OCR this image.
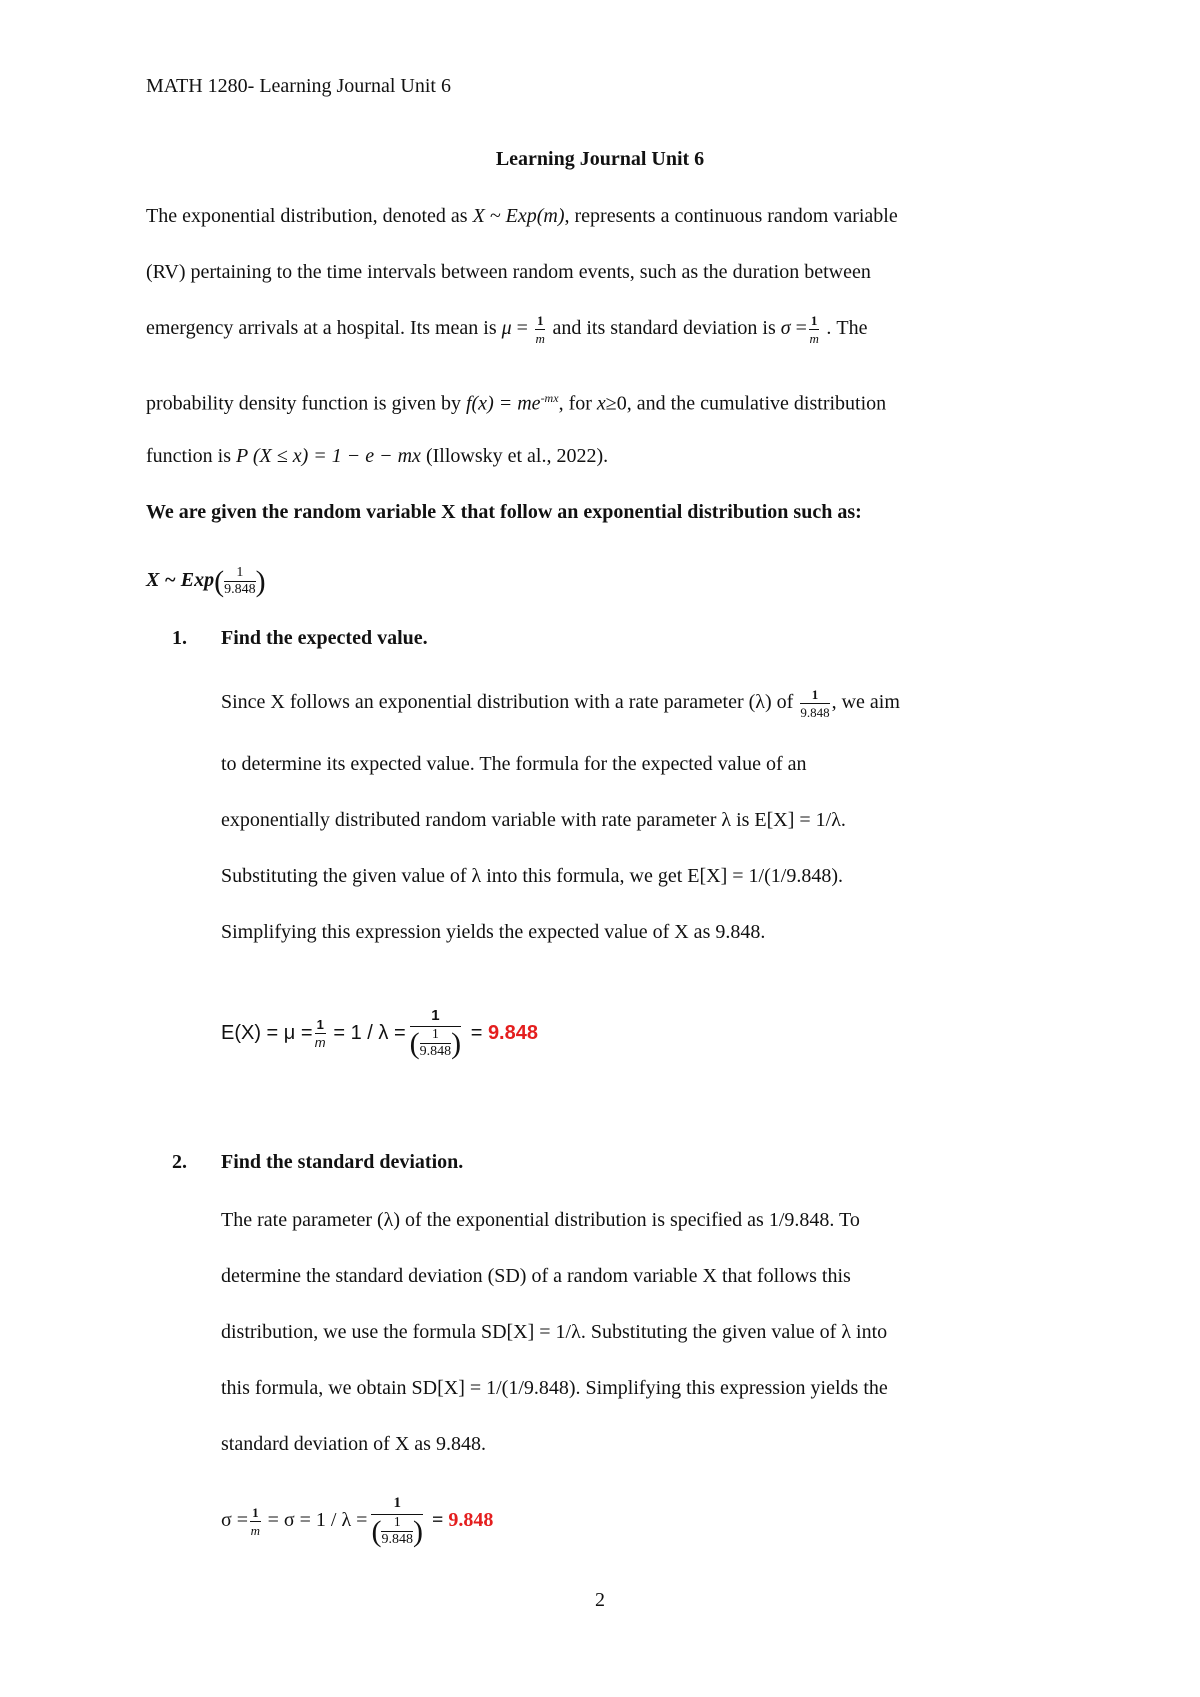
MATH 1280- Learning Journal Unit 6
Learning Journal Unit 6
The exponential distribution, denoted as X ~ Exp(m), represents a continuous random variable
(RV) pertaining to the time intervals between random events, such as the duration between
emergency arrivals at a hospital. Its mean is $\mu = \frac{1}{m}$ and its standard deviation is $\sigma = \frac{1}{m}$ . The
probability density function is given by $f(x) = me^{-mx}$, for x≥0, and the cumulative distribution
function is P (X ≤ x) = 1 − e − mx (Illowsky et al., 2022).
We are given the random variable X that follow an exponential distribution such as:
X ~ $Exp( \frac{1}{9.848}$ )
1. Find the expected value.
Since X follows an exponential distribution with a rate parameter (λ) of $\frac{1}{9.848}$ , we aim
to determine its expected value. The formula for the expected value of an
exponentially distributed random variable with rate parameter λ is E[X] = 1/λ.
Substituting the given value of λ into this formula, we get E[X] = 1/(1/9.848).
Simplifying this expression yields the expected value of X as 9.848.
$E(X) = \mu = \frac{1}{m} = 1 / \lambda = \frac{1}{( \frac{1}{9.848} )} = 9.848$
2. Find the standard deviation.
The rate parameter (λ) of the exponential distribution is specified as 1/9.848. To
determine the standard deviation (SD) of a random variable X that follows this
distribution, we use the formula SD[X] = 1/λ. Substituting the given value of λ into
this formula, we obtain SD[X] = 1/(1/9.848). Simplifying this expression yields the
standard deviation of X as 9.848.
$\sigma = \frac{1}{m} = \sigma = 1 / \lambda = \frac{1}{( \frac{1}{9.848} )} = 9.848$
2
